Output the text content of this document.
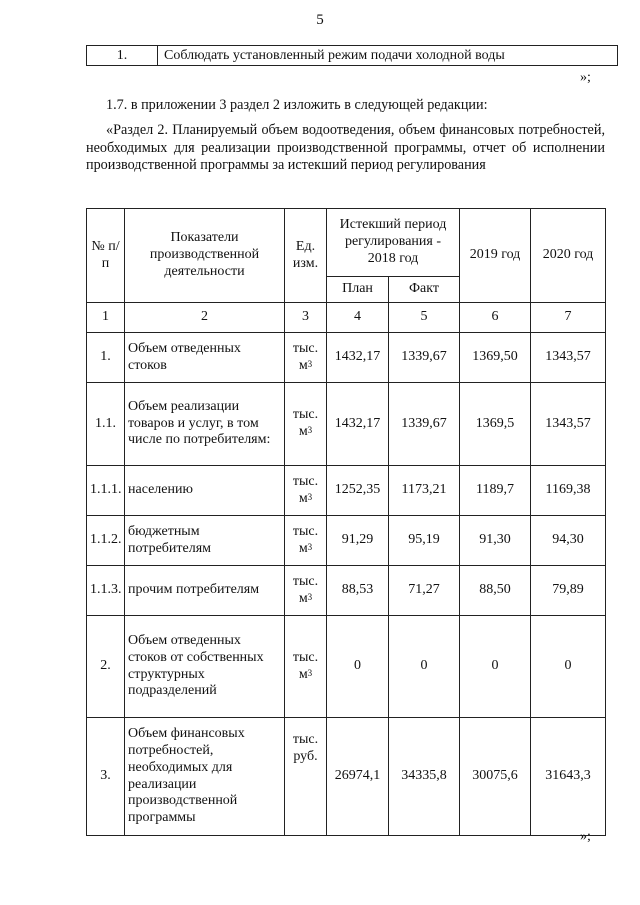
5
1.	Соблюдать установленный режим подачи холодной воды
»;
1.7. в приложении 3 раздел 2 изложить в следующей редакции:
«Раздел 2. Планируемый объем водоотведения, объем финансовых потребностей, необходимых для реализации производственной программы, отчет об исполнении производственной программы за истекший период регулирования
№ п/п	Показатели производственной деятельности	Ед. изм.	Истекший период регулирования - 2018 год		2019 год	2020 год
			План	Факт		
1	2	3	4	5	6	7
1.	Объем отведенных стоков	тыс. $м^3$	1432,17	1339,67	1369,50	1343,57
1.1.	Объем реализации товаров и услуг, в том числе по потребителям:	тыс. $м^3$	1432,17	1339,67	1369,5	1343,57
1.1.1.	населению	тыс. $м^3$	1252,35	1173,21	1189,7	1169,38
1.1.2.	бюджетным потребителям	тыс. $м^3$	91,29	95,19	91,30	94,30
1.1.3.	прочим потребителям	тыс. $м^3$	88,53	71,27	88,50	79,89
2.	Объем отведенных стоков от собственных структурных подразделений	тыс. $м^3$	0	0	0	0
3.	Объем финансовых потребностей, необходимых для реализации производственной программы	тыс. руб.	26974,1	34335,8	30075,6	31643,3
»;
